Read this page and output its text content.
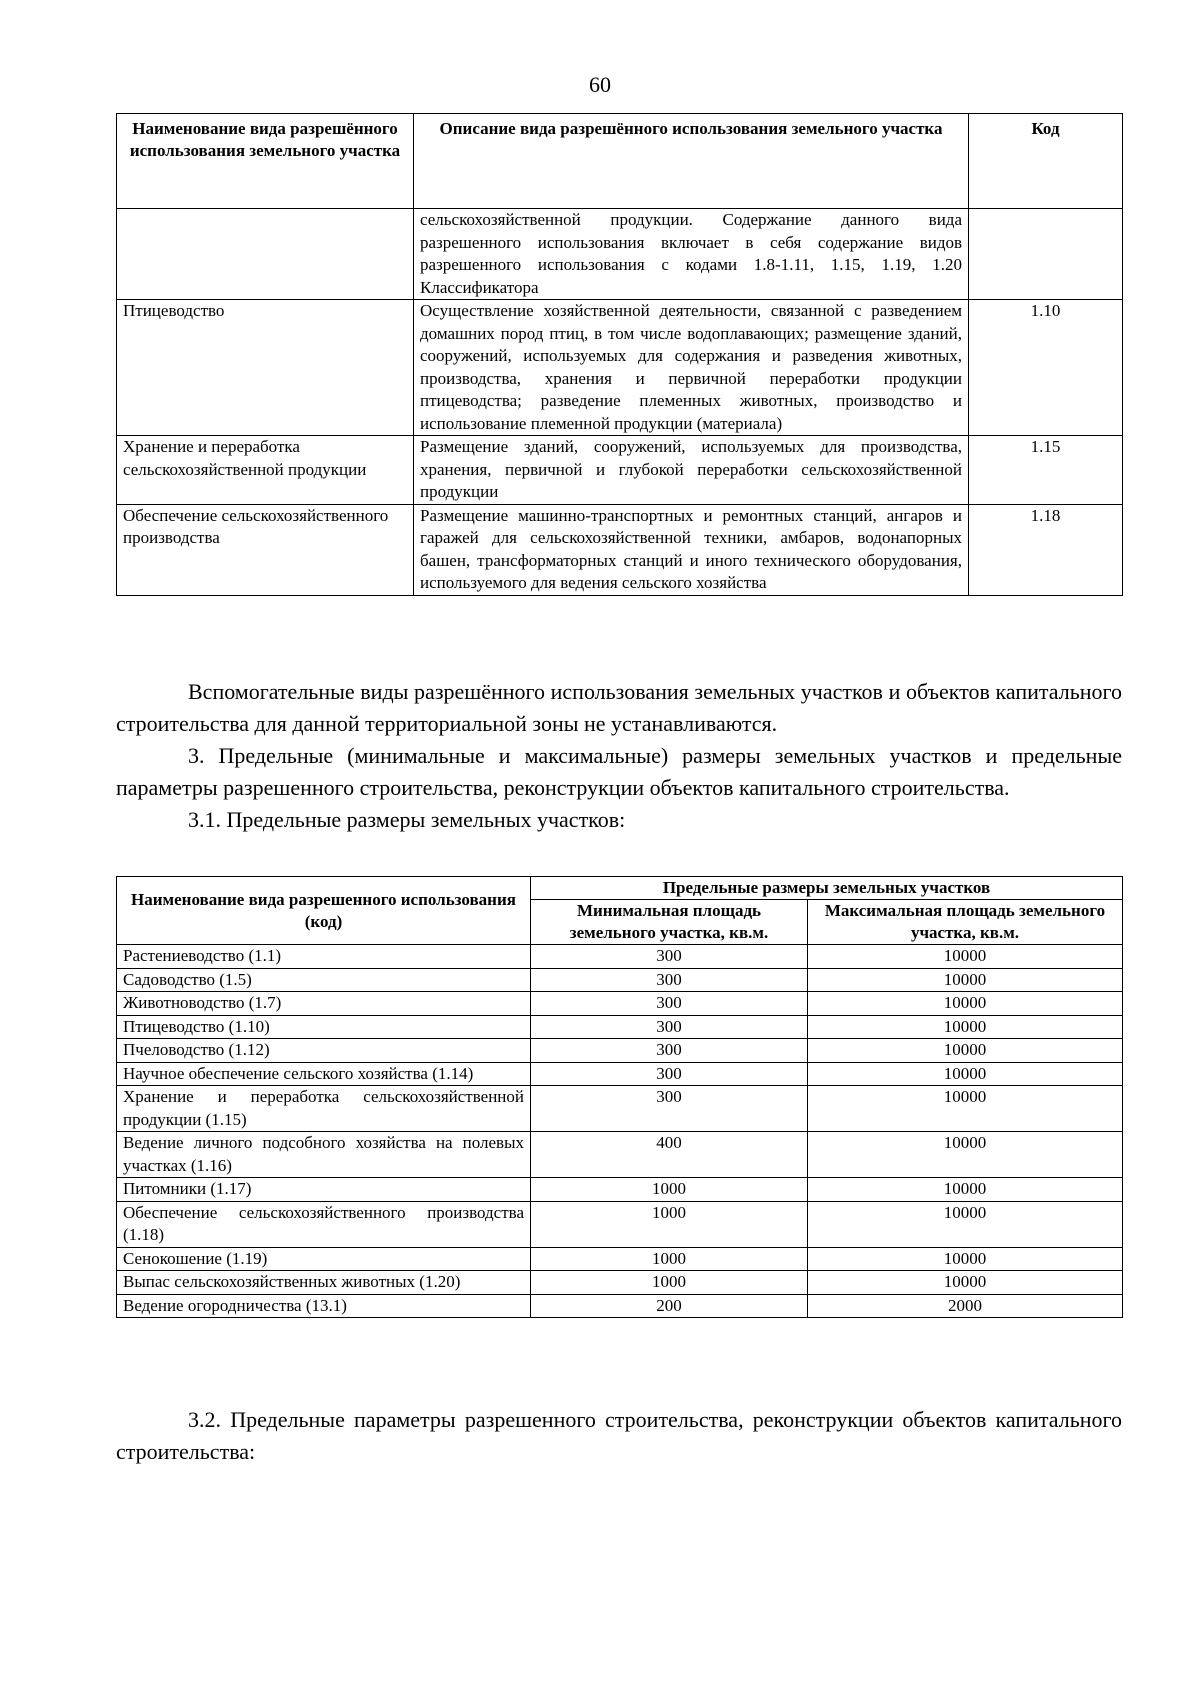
60
Наименование вида разрешённого использования земельного участка	Описание вида разрешённого использования земельного участка	Код
	сельскохозяйственной продукции. Содержание данного вида разрешенного использования включает в себя содержание видов разрешенного использования с кодами 1.8-1.11, 1.15, 1.19, 1.20 Классификатора	
Птицеводство	Осуществление хозяйственной деятельности, связанной с разведением домашних пород птиц, в том числе водоплавающих; размещение зданий, сооружений, используемых для содержания и разведения животных, производства, хранения и первичной переработки продукции птицеводства; разведение племенных животных, производство и использование племенной продукции (материала)	1.10
Хранение и переработка сельскохозяйственной продукции	Размещение зданий, сооружений, используемых для производства, хранения, первичной и глубокой переработки сельскохозяйственной продукции	1.15
Обеспечение сельскохозяйственного производства	Размещение машинно-транспортных и ремонтных станций, ангаров и гаражей для сельскохозяйственной техники, амбаров, водонапорных башен, трансформаторных станций и иного технического оборудования, используемого для ведения сельского хозяйства	1.18

Вспомогательные виды разрешённого использования земельных участков и объектов капитального строительства для данной территориальной зоны не устанавливаются.

3. Предельные (минимальные и максимальные) размеры земельных участков и предельные параметры разрешенного строительства, реконструкции объектов капитального строительства.

3.1. Предельные размеры земельных участков:

Наименование вида разрешенного использования (код)	Предельные размеры земельных участков	
	Минимальная площадь земельного участка, кв.м.	Максимальная площадь земельного участка, кв.м.
Растениеводство (1.1)	300	10000
Садоводство (1.5)	300	10000
Животноводство (1.7)	300	10000
Птицеводство (1.10)	300	10000
Пчеловодство (1.12)	300	10000
Научное обеспечение сельского хозяйства (1.14)	300	10000
Хранение и переработка сельскохозяйственной продукции (1.15)	300	10000
Ведение личного подсобного хозяйства на полевых участках (1.16)	400	10000
Питомники (1.17)	1000	10000
Обеспечение сельскохозяйственного производства (1.18)	1000	10000
Сенокошение (1.19)	1000	10000
Выпас сельскохозяйственных животных (1.20)	1000	10000
Ведение огородничества (13.1)	200	2000

3.2. Предельные параметры разрешенного строительства, реконструкции объектов капитального строительства:
